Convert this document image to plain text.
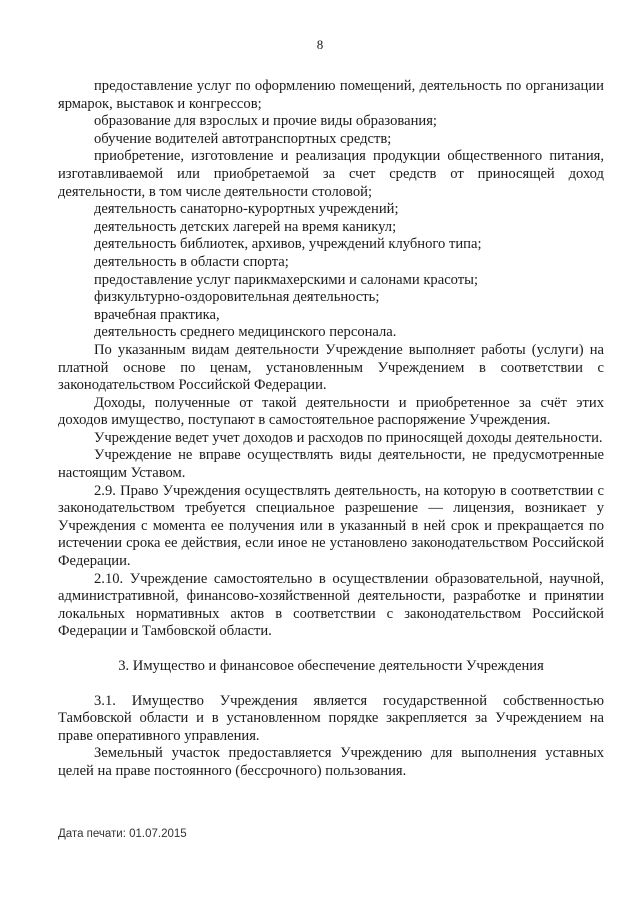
8

предоставление услуг по оформлению помещений, деятельность по организации ярмарок, выставок и конгрессов;

образование для взрослых и прочие виды образования;

обучение водителей автотранспортных средств;

приобретение, изготовление и реализация продукции общественного питания, изготавливаемой или приобретаемой за счет средств от приносящей доход деятельности, в том числе деятельности столовой;

деятельность санаторно-курортных учреждений;

деятельность детских лагерей на время каникул;

деятельность библиотек, архивов, учреждений клубного типа;

деятельность в области спорта;

предоставление услуг парикмахерскими и салонами красоты;

физкультурно-оздоровительная деятельность;

врачебная практика,

деятельность среднего медицинского персонала.

По указанным видам деятельности Учреждение выполняет работы (услуги) на платной основе по ценам, установленным Учреждением в соответствии с законодательством Российской Федерации.

Доходы, полученные от такой деятельности и приобретенное за счёт этих доходов имущество, поступают в самостоятельное распоряжение Учреждения.

Учреждение ведет учет доходов и расходов по приносящей доходы деятельности.

Учреждение не вправе осуществлять виды деятельности, не предусмотренные настоящим Уставом.

2.9. Право Учреждения осуществлять деятельность, на которую в соответствии с законодательством требуется специальное разрешение — лицензия, возникает у Учреждения с момента ее получения или в указанный в ней срок и прекращается по истечении срока ее действия, если иное не установлено законодательством Российской Федерации.

2.10. Учреждение самостоятельно в осуществлении образовательной, научной, административной, финансово-хозяйственной деятельности, разработке и принятии локальных нормативных актов в соответствии с законодательством Российской Федерации и Тамбовской области.

3. Имущество и финансовое обеспечение деятельности Учреждения

3.1. Имущество Учреждения является государственной собственностью Тамбовской области и в установленном порядке закрепляется за Учреждением на праве оперативного управления.

Земельный участок предоставляется Учреждению для выполнения уставных целей на праве постоянного (бессрочного) пользования.

Дата печати: 01.07.2015
